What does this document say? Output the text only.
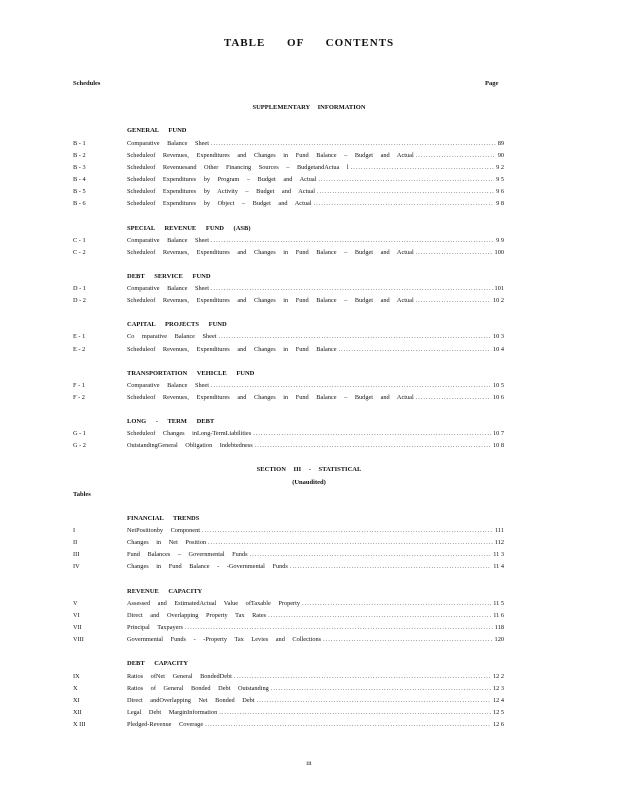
TABLE OF CONTENTS
Schedules	Page
SUPPLEMENTARY INFORMATION
GENERAL FUND
B - 1	Comparative Balance Sheet .....	89
B - 2	Scheduleof Revenues, Expenditures and Changes in Fund Balance – Budget and Actual .....	90
B - 3	Scheduleof Revenuesand Other Financing Sources – BudgetandActua l .....	9 2
B - 4	Scheduleof Expenditures by Program – Budget and Actual .....	9 5
B - 5	Scheduleof Expenditures by Activity – Budget and Actual .....	9 6
B - 6	Scheduleof Expenditures by Object – Budget and Actual .....	9 8
SPECIAL REVENUE FUND (ASB)
C - 1	Comparative Balance Sheet .....	9 9
C - 2	Scheduleof Revenues, Expenditures and Changes in Fund Balance – Budget and Actual .....	100
DEBT SERVICE FUND
D - 1	Comparative Balance Sheet .....	101
D - 2	Scheduleof Revenues, Expenditures and Changes in Fund Balance – Budget and Actual .....	10 2
CAPITAL PROJECTS FUND
E - 1	Co mparative Balance Sheet .....	10 3
E - 2	Scheduleof Revenues, Expenditures and Changes in Fund Balance .....	10 4
TRANSPORTATION VEHICLE FUND
F - 1	Comparative Balance Sheet .....	10 5
F - 2	Scheduleof Revenues, Expenditures and Changes in Fund Balance – Budget and Actual .....	10 6
LONG - TERM DEBT
G - 1	Scheduleof Changes inLong-TermLiabilities .....	10 7
G - 2	OutstandingGeneral Obligation Indebtedness .....	10 8
SECTION III - STATISTICAL
(Unaudited)
Tables
FINANCIAL TRENDS
I	NetPositionby Component .....	111
II	Changes in Net Position .....	112
III	Fund Balances – Governmental Funds .....	11 3
IV	Changes in Fund Balance - -Governmental Funds .....	11 4
REVENUE CAPACITY
V	Assessed and EstimatedActual Value ofTaxable Property .....	11 5
VI	Direct and Overlapping Property Tax Rates .....	11 6
VII	Principal Taxpayers .....	118
VIII	Governmental Funds - -Property Tax Levies and Collections .....	120
DEBT CAPACITY
IX	Ratios ofNet General BondedDebt .....	12 2
X	Ratios of General Bonded Debt Outstanding .....	12 3
XI	Direct andOverlapping Net Bonded Debt .....	12 4
XII	Legal Debt MarginInformation .....	12 5
X III	Pledged-Revenue Coverage .....	12 6
iii
